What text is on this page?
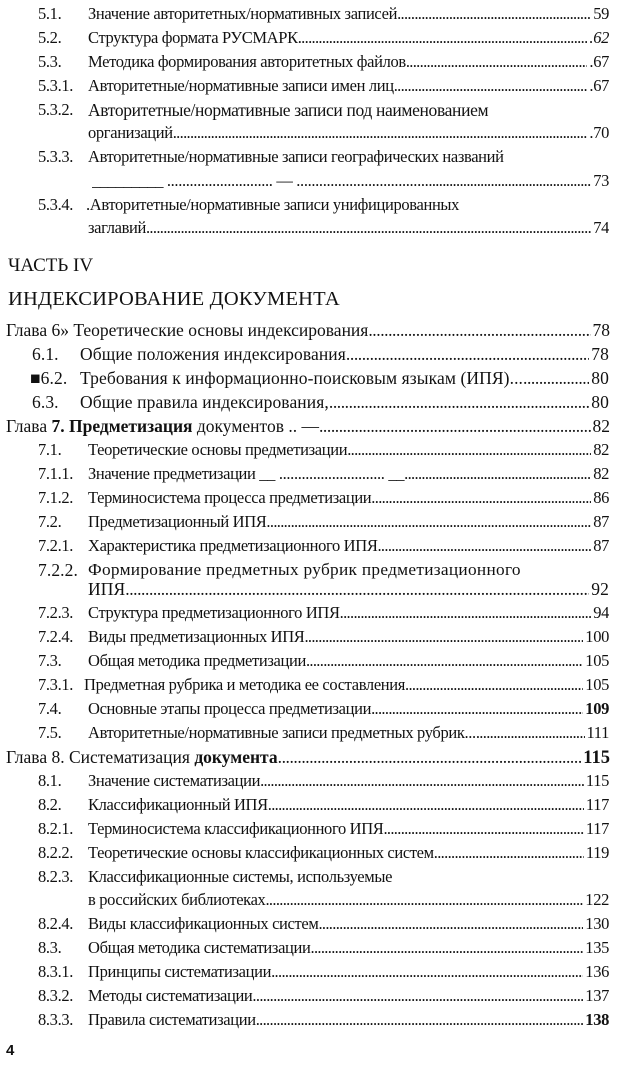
5.1. Значение авторитетных/нормативных записей . . .	59
5.2. Структура формата РУСМАРК . . .	.62
5.3. Методика формирования авторитетных файлов . . .	.67
5.3.1. Авторитетные/нормативные записи имен лиц . . .	.67
5.3.2. Авторитетные/нормативные записи под наименованием
организаций . . .	.70
5.3.3. Авторитетные/нормативные записи географических названий
_________ ............................ — ................................... . . .	73
5.3.4. .Авторитетные/нормативные записи унифицированных
заглавий . . .	74
ЧАСТЬ IV
ИНДЕКСИРОВАНИЕ ДОКУМЕНТА
Глава 6» Теоретические основы индексирования . . .	78
6.1. Общие положения индексирования . . .	78
■6.2. Требования к информационно-поисковым языкам (ИПЯ)... . . .	80
6.3. Общие правила индексирования, . . .	80
Глава 7. Предметизация документов .. — . . .	82
7.1. Теоретические основы предметизации . . .	82
7.1.1. Значение предметизации __ ............................ __ . . .	82
7.1.2. Терминосистема процесса предметизации . . .	86
7.2. Предметизационный ИПЯ . . .	87
7.2.1. Характеристика предметизационного ИПЯ . . .	87
7.2.2. Формирование предметных рубрик предметизационного
ИПЯ . . .	92
7.2.3. Структура предметизационного ИПЯ . . .	94
7.2.4. Виды предметизационных ИПЯ . . .	100
7.3. Общая методика предметизации . . .	105
7.3.1. Предметная рубрика и методика ее составления . . .	105
7.4. Основные этапы процесса предметизации . . .	109
7.5. Авторитетные/нормативные записи предметных рубрик... . . .	111
Глава 8. Систематизация документа . . .	115
8.1. Значение систематизации . . .	115
8.2. Классификационный ИПЯ . . .	117
8.2.1. Терминосистема классификационного ИПЯ . . .	117
8.2.2. Теоретические основы классификационных систем . . .	119
8.2.3. Классификационные системы, используемые
в российских библиотеках . . .	122
8.2.4. Виды классификационных систем . . .	130
8.3. Общая методика систематизации . . .	135
8.3.1. Принципы систематизации . . .	136
8.3.2. Методы систематизации . . .	137
8.3.3. Правила систематизации . . .	138
4
